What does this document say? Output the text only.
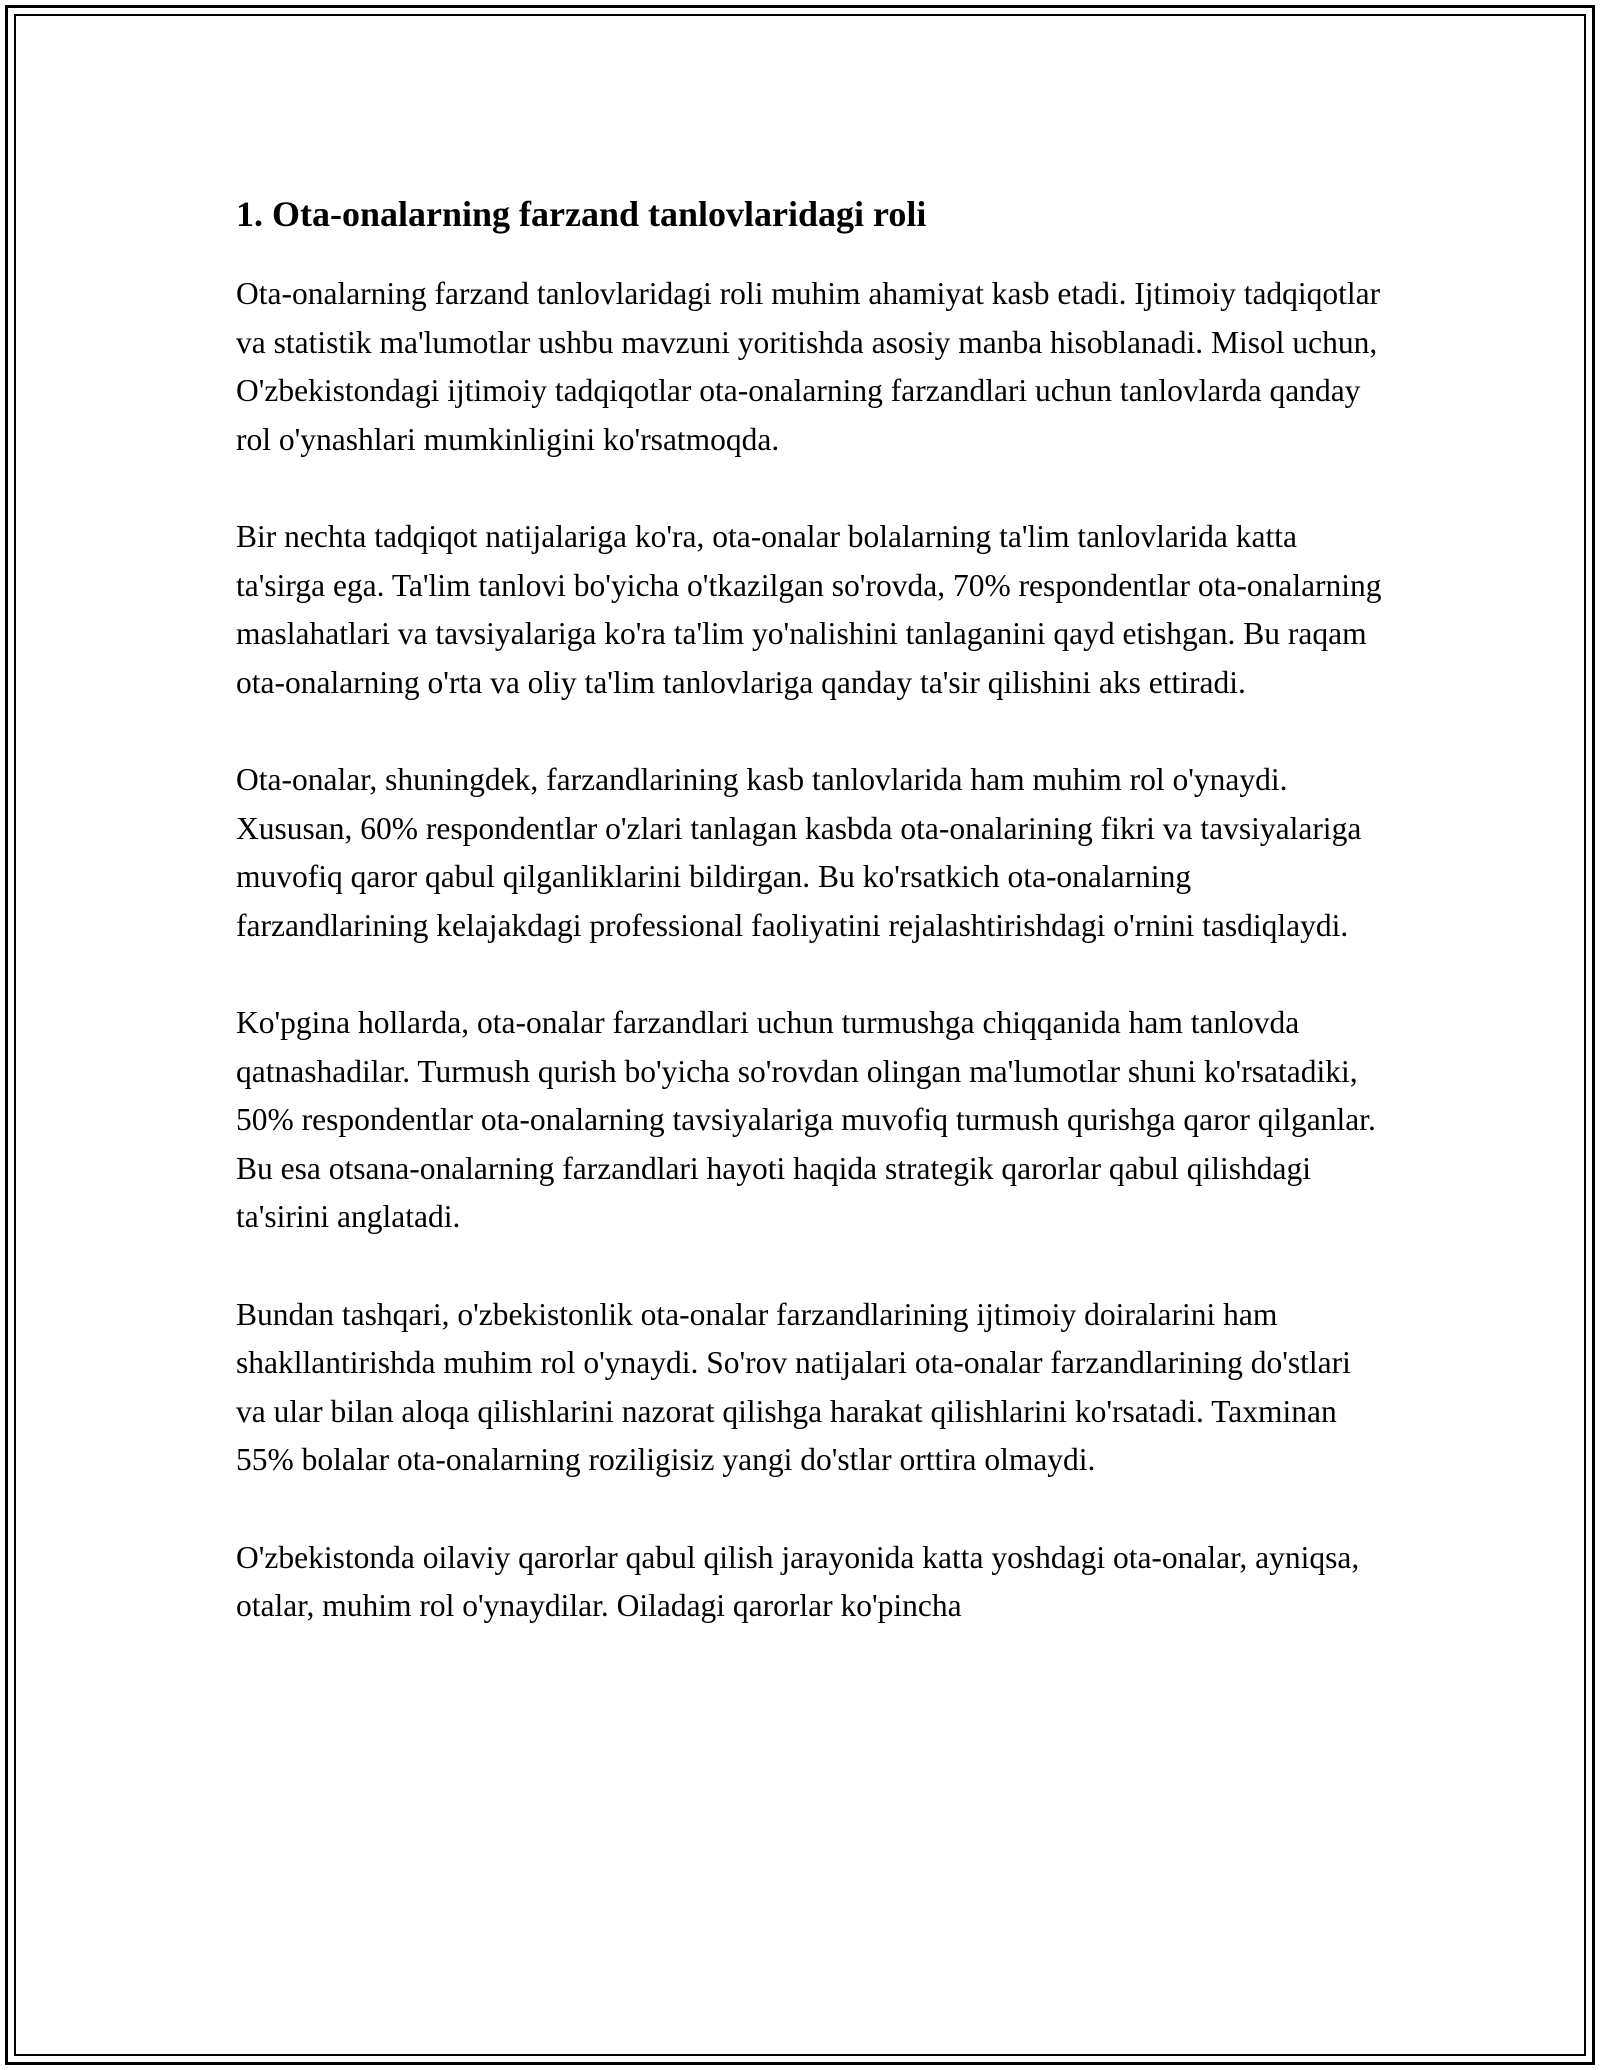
1. Ota-onalarning farzand tanlovlaridagi roli

Ota-onalarning farzand tanlovlaridagi roli muhim ahamiyat kasb etadi. Ijtimoiy tadqiqotlar va statistik ma'lumotlar ushbu mavzuni yoritishda asosiy manba hisoblanadi. Misol uchun, O'zbekistondagi ijtimoiy tadqiqotlar ota-onalarning farzandlari uchun tanlovlarda qanday rol o'ynashlari mumkinligini ko'rsatmoqda.

Bir nechta tadqiqot natijalariga ko'ra, ota-onalar bolalarning ta'lim tanlovlarida katta ta'sirga ega. Ta'lim tanlovi bo'yicha o'tkazilgan so'rovda, 70% respondentlar ota-onalarning maslahatlari va tavsiyalariga ko'ra ta'lim yo'nalishini tanlaganini qayd etishgan. Bu raqam ota-onalarning o'rta va oliy ta'lim tanlovlariga qanday ta'sir qilishini aks ettiradi.

Ota-onalar, shuningdek, farzandlarining kasb tanlovlarida ham muhim rol o'ynaydi. Xususan, 60% respondentlar o'zlari tanlagan kasbda ota-onalarining fikri va tavsiyalariga muvofiq qaror qabul qilganliklarini bildirgan. Bu ko'rsatkich ota-onalarning farzandlarining kelajakdagi professional faoliyatini rejalashtirishdagi o'rnini tasdiqlaydi.

Ko'pgina hollarda, ota-onalar farzandlari uchun turmushga chiqqanida ham tanlovda qatnashadilar. Turmush qurish bo'yicha so'rovdan olingan ma'lumotlar shuni ko'rsatadiki, 50% respondentlar ota-onalarning tavsiyalariga muvofiq turmush qurishga qaror qilganlar. Bu esa otsana-onalarning farzandlari hayoti haqida strategik qarorlar qabul qilishdagi ta'sirini anglatadi.

Bundan tashqari, o'zbekistonlik ota-onalar farzandlarining ijtimoiy doiralarini ham shakllantirishda muhim rol o'ynaydi. So'rov natijalari ota-onalar farzandlarining do'stlari va ular bilan aloqa qilishlarini nazorat qilishga harakat qilishlarini ko'rsatadi. Taxminan 55% bolalar ota-onalarning roziligisiz yangi do'stlar orttira olmaydi.

O'zbekistonda oilaviy qarorlar qabul qilish jarayonida katta yoshdagi ota-onalar, ayniqsa, otalar, muhim rol o'ynaydilar. Oiladagi qarorlar ko'pincha
